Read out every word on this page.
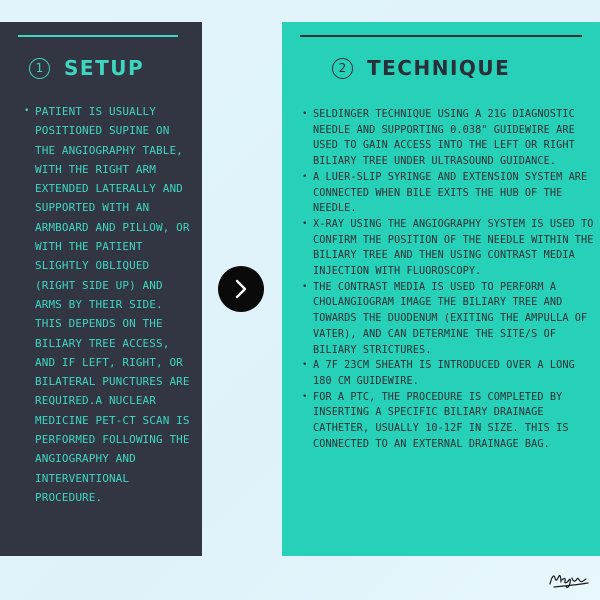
1	SETUP
• PATIENT IS USUALLY POSITIONED SUPINE ON THE ANGIOGRAPHY TABLE, WITH THE RIGHT ARM EXTENDED LATERALLY AND SUPPORTED WITH AN ARMBOARD AND PILLOW, OR WITH THE PATIENT SLIGHTLY OBLIQUED (RIGHT SIDE UP) AND ARMS BY THEIR SIDE. THIS DEPENDS ON THE BILIARY TREE ACCESS, AND IF LEFT, RIGHT, OR BILATERAL PUNCTURES ARE REQUIRED.A NUCLEAR MEDICINE PET-CT SCAN IS PERFORMED FOLLOWING THE ANGIOGRAPHY AND INTERVENTIONAL PROCEDURE.
2	TECHNIQUE
• SELDINGER TECHNIQUE USING A 21G DIAGNOSTIC NEEDLE AND SUPPORTING 0.038" GUIDEWIRE ARE USED TO GAIN ACCESS INTO THE LEFT OR RIGHT BILIARY TREE UNDER ULTRASOUND GUIDANCE.
• A LUER-SLIP SYRINGE AND EXTENSION SYSTEM ARE CONNECTED WHEN BILE EXITS THE HUB OF THE NEEDLE.
• X-RAY USING THE ANGIOGRAPHY SYSTEM IS USED TO CONFIRM THE POSITION OF THE NEEDLE WITHIN THE BILIARY TREE AND THEN USING CONTRAST MEDIA INJECTION WITH FLUOROSCOPY.
• THE CONTRAST MEDIA IS USED TO PERFORM A CHOLANGIOGRAM IMAGE THE BILIARY TREE AND TOWARDS THE DUODENUM (EXITING THE AMPULLA OF VATER), AND CAN DETERMINE THE SITE/S OF BILIARY STRICTURES.
• A 7F 23CM SHEATH IS INTRODUCED OVER A LONG 180 CM GUIDEWIRE.
• FOR A PTC, THE PROCEDURE IS COMPLETED BY INSERTING A SPECIFIC BILIARY DRAINAGE CATHETER, USUALLY 10-12F IN SIZE. THIS IS CONNECTED TO AN EXTERNAL DRAINAGE BAG.
